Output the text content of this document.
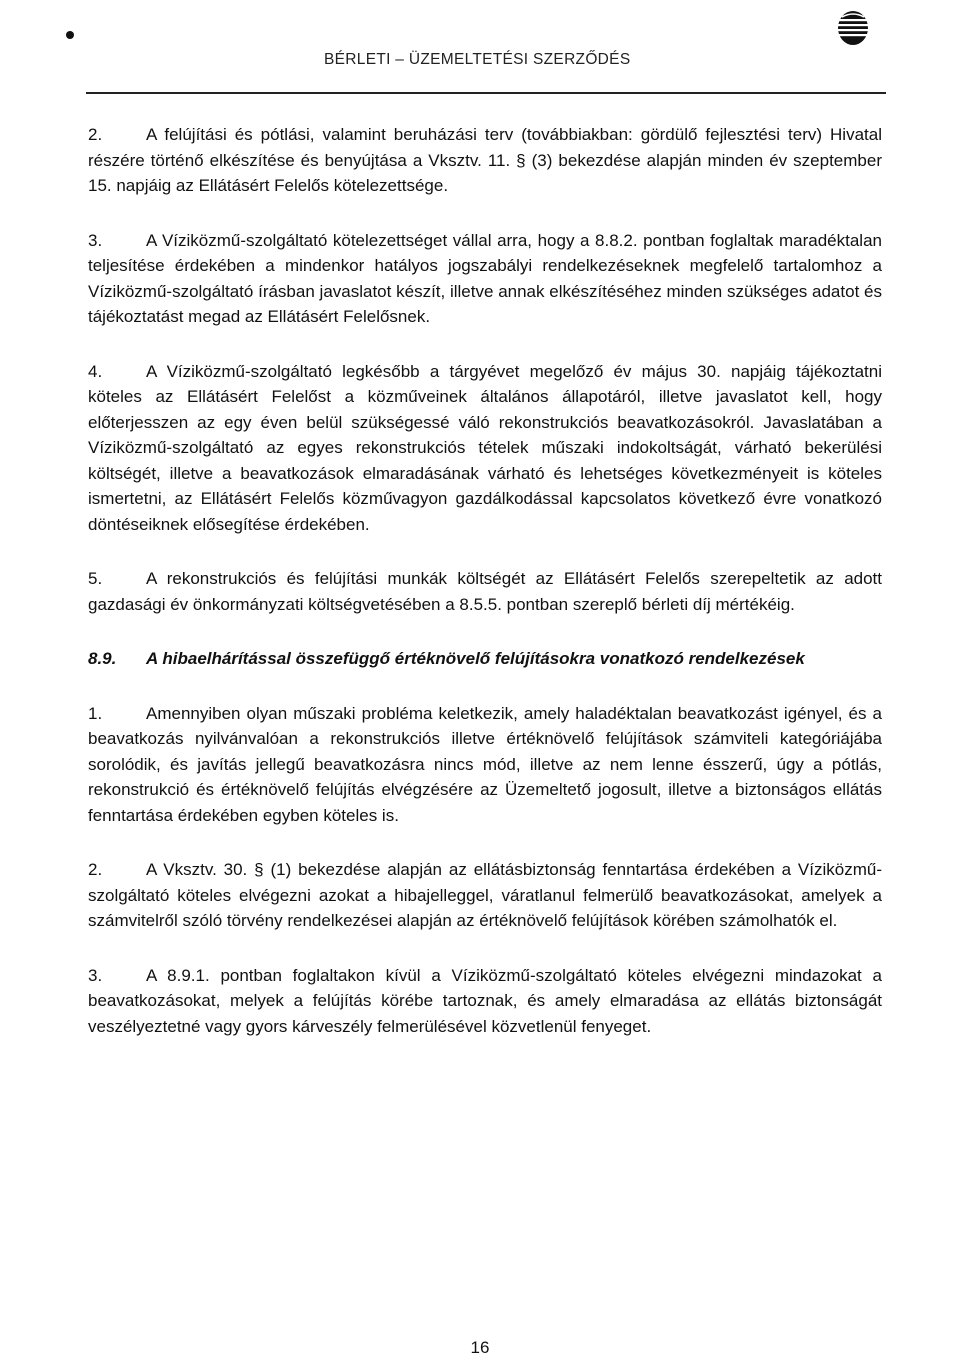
BÉRLETI – ÜZEMELTETÉSI SZERZŐDÉS

2.	A felújítási és pótlási, valamint beruházási terv (továbbiakban: gördülő fejlesztési terv) Hivatal részére történő elkészítése és benyújtása a Vksztv. 11. § (3) bekezdése alapján minden év szeptember 15. napjáig az Ellátásért Felelős kötelezettsége.

3.	A Víziközmű-szolgáltató kötelezettséget vállal arra, hogy a 8.8.2. pontban foglaltak maradéktalan teljesítése érdekében a mindenkor hatályos jogszabályi rendelkezéseknek megfelelő tartalomhoz a Víziközmű-szolgáltató írásban javaslatot készít, illetve annak elkészítéséhez minden szükséges adatot és tájékoztatást megad az Ellátásért Felelősnek.

4.	A Víziközmű-szolgáltató legkésőbb a tárgyévet megelőző év május 30. napjáig tájékoztatni köteles az Ellátásért Felelőst a közműveinek általános állapotáról, illetve javaslatot kell, hogy előterjesszen az egy éven belül szükségessé váló rekonstrukciós beavatkozásokról. Javaslatában a Víziközmű-szolgáltató az egyes rekonstrukciós tételek műszaki indokoltságát, várható bekerülési költségét, illetve a beavatkozások elmaradásának várható és lehetséges következményeit is köteles ismertetni, az Ellátásért Felelős közművagyon gazdálkodással kapcsolatos következő évre vonatkozó döntéseiknek elősegítése érdekében.

5.	A rekonstrukciós és felújítási munkák költségét az Ellátásért Felelős szerepeltetik az adott gazdasági év önkormányzati költségvetésében a 8.5.5. pontban szereplő bérleti díj mértékéig.

8.9.	A hibaelhárítással összefüggő értéknövelő felújításokra vonatkozó rendelkezések

1.	Amennyiben olyan műszaki probléma keletkezik, amely haladéktalan beavatkozást igényel, és a beavatkozás nyilvánvalóan a rekonstrukciós illetve értéknövelő felújítások számviteli kategóriájába sorolódik, és javítás jellegű beavatkozásra nincs mód, illetve az nem lenne ésszerű, úgy a pótlás, rekonstrukció és értéknövelő felújítás elvégzésére az Üzemeltető jogosult, illetve a biztonságos ellátás fenntartása érdekében egyben köteles is.

2.	A Vksztv. 30. § (1) bekezdése alapján az ellátásbiztonság fenntartása érdekében a Víziközmű-szolgáltató köteles elvégezni azokat a hibajelleggel, váratlanul felmerülő beavatkozásokat, amelyek a számvitelről szóló törvény rendelkezései alapján az értéknövelő felújítások körében számolhatók el.

3.	A 8.9.1. pontban foglaltakon kívül a Víziközmű-szolgáltató köteles elvégezni mindazokat a beavatkozásokat, melyek a felújítás körébe tartoznak, és amely elmaradása az ellátás biztonságát veszélyeztetné vagy gyors kárveszély felmerülésével közvetlenül fenyeget.

16
